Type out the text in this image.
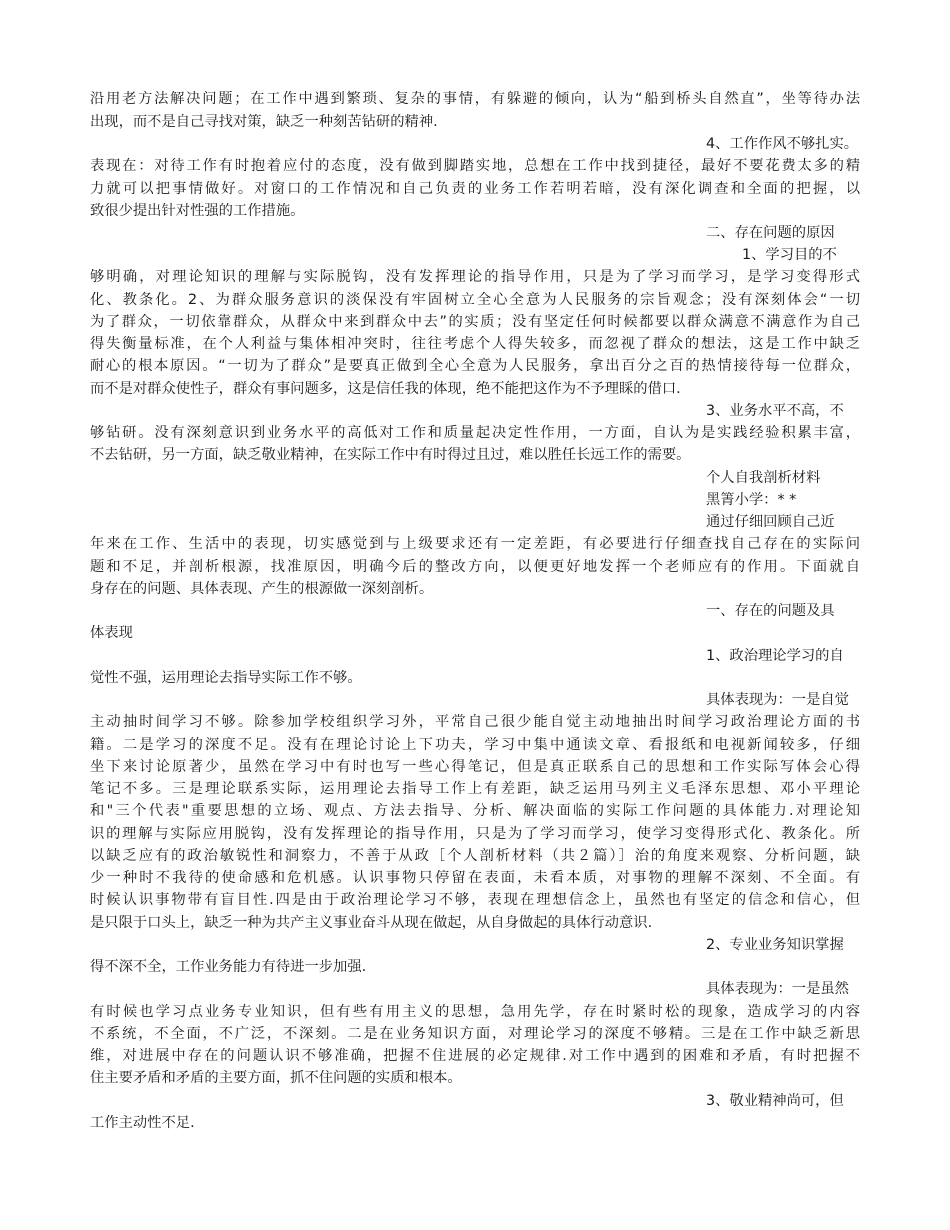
沿用老方法解决问题；在工作中遇到繁琐、复杂的事情，有躲避的倾向，认为“船到桥头自然直”，坐等待办法
出现，而不是自己寻找对策，缺乏一种刻苦钻研的精神.
4、工作作风不够扎实。
表现在：对待工作有时抱着应付的态度，没有做到脚踏实地，总想在工作中找到捷径，最好不要花费太多的精
力就可以把事情做好。对窗口的工作情况和自己负责的业务工作若明若暗，没有深化调查和全面的把握，以
致很少提出针对性强的工作措施。
二、存在问题的原因
1、学习目的不
够明确，对理论知识的理解与实际脱钩，没有发挥理论的指导作用，只是为了学习而学习，是学习变得形式
化、教条化。2、为群众服务意识的淡保没有牢固树立全心全意为人民服务的宗旨观念；没有深刻体会“一切
为了群众，一切依靠群众，从群众中来到群众中去”的实质；没有坚定任何时候都要以群众满意不满意作为自己
得失衡量标准，在个人利益与集体相冲突时，往往考虑个人得失较多，而忽视了群众的想法，这是工作中缺乏
耐心的根本原因。“一切为了群众”是要真正做到全心全意为人民服务，拿出百分之百的热情接待每一位群众，
而不是对群众使性子，群众有事问题多，这是信任我的体现，绝不能把这作为不予理睬的借口.
3、业务水平不高，不
够钻研。没有深刻意识到业务水平的高低对工作和质量起决定性作用，一方面，自认为是实践经验积累丰富，
不去钻研，另一方面，缺乏敬业精神，在实际工作中有时得过且过，难以胜任长远工作的需要。
个人自我剖析材料
黑箐小学：* *
通过仔细回顾自己近
年来在工作、生活中的表现，切实感觉到与上级要求还有一定差距，有必要进行仔细查找自己存在的实际问
题和不足，并剖析根源，找准原因，明确今后的整改方向，以便更好地发挥一个老师应有的作用。下面就自
身存在的问题、具体表现、产生的根源做一深刻剖析。
一、存在的问题及具
体表现
1、政治理论学习的自
觉性不强，运用理论去指导实际工作不够。
具体表现为：一是自觉
主动抽时间学习不够。除参加学校组织学习外，平常自己很少能自觉主动地抽出时间学习政治理论方面的书
籍。二是学习的深度不足。没有在理论讨论上下功夫，学习中集中通读文章、看报纸和电视新闻较多，仔细
坐下来讨论原著少，虽然在学习中有时也写一些心得笔记，但是真正联系自己的思想和工作实际写体会心得
笔记不多。三是理论联系实际，运用理论去指导工作上有差距，缺乏运用马列主义毛泽东思想、邓小平理论
和"三个代表"重要思想的立场、观点、方法去指导、分析、解决面临的实际工作问题的具体能力.对理论知
识的理解与实际应用脱钩，没有发挥理论的指导作用，只是为了学习而学习，使学习变得形式化、教条化。所
以缺乏应有的政治敏锐性和洞察力，不善于从政［个人剖析材料（共２篇）］治的角度来观察、分析问题，缺
少一种时不我待的使命感和危机感。认识事物只停留在表面，未看本质，对事物的理解不深刻、不全面。有
时候认识事物带有盲目性.四是由于政治理论学习不够，表现在理想信念上，虽然也有坚定的信念和信心，但
是只限于口头上，缺乏一种为共产主义事业奋斗从现在做起，从自身做起的具体行动意识.
2、专业业务知识掌握
得不深不全，工作业务能力有待进一步加强.
具体表现为：一是虽然
有时候也学习点业务专业知识，但有些有用主义的思想，急用先学，存在时紧时松的现象，造成学习的内容
不系统，不全面，不广泛，不深刻。二是在业务知识方面，对理论学习的深度不够精。三是在工作中缺乏新思
维，对进展中存在的问题认识不够准确，把握不住进展的必定规律.对工作中遇到的困难和矛盾，有时把握不
住主要矛盾和矛盾的主要方面，抓不住问题的实质和根本。
3、敬业精神尚可，但
工作主动性不足.
